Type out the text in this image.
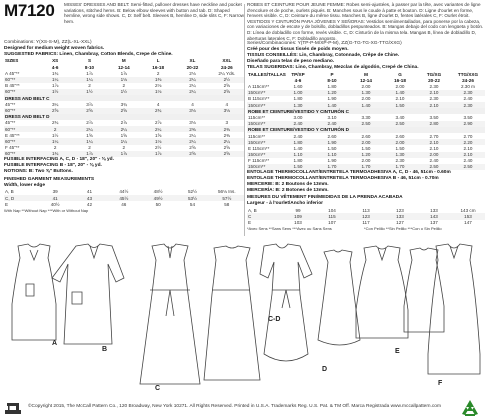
M7120 MISSES' DRESSES AND BELT: Semi-fitted, pullover dresses have neckline and pocket variations, stitched hems. B: Below elbow sleeves with button and tab. D: Shaped hemline, wrong side shows. C, D: Self belt. Sleeves B, hemline D, side slits C, F: Narrow hem.
Combinations: Y(XS-S-M), ZZ(L-XL-XXL)
Designed for medium weight woven fabrics.
SUGGESTED FABRICS: Linen, Chambray, Cotton Blends, Crepe de Chine.
SIZES	XS	S	M	L	XL	XXL
	4-6	8-10	12-14	16-18	20-22	24-26
A 45"**	1¾	1⅞	1⅞	2	2⅛	2¼ Yds.
60"**	1¼	1¼	1⅛	1⅜	2¼	2½
B 45"**	1⅞	2	2	2⅛	2¼	2⅝
60"**	1½	1½	1½	1⅛	2¼	2⅝
DRESS AND BELT C						
45"**	3¼	3⅞	3¾	4	4	4
60"**	2⅝	2⅝	2⅝	2¾	3⅛	3⅛
DRESS AND BELT D						
45"**	2¾	2⅞	2⅞	2⅞	3⅛	3
60"**	2	2¼	2¼	2¼	2⅜	2⅜
E 45"**	1½	1⅝	1⅝	1⅝	2¼	2⅜
60"**	1¼	1¼	1¼	1⅛	2¼	2¼
F 45"**	2	2	2	2½	2⅝	2⅝
60"**	1¾	1⅞	1⅞	1⅞	2⅝	2⅝
FUSIBLE INTERFACING A, C, D - 18", 20" - ⅜ yd.
FUSIBLE INTERFACING B - 18", 20" - ⅜ yd.
NOTIONS: B: Two ⅝" Buttons.
FINISHED GARMENT MEASUREMENTS
Width, lower edge
A, B	39	41	44½	48½	52½	56⅛ Ins.
C, D	41	43	45½	49½	53½	57½
E	40½	42	46	50	54	58
With Nap **Without Nap ***With or Without Nap
ROBES ET CEINTURE POUR JEUNE FEMME: Robes semi-ajustées, à passer par la tête, avec variantes de ligne d'encolure et de poche, ourlets piqués. B: Manches sous le coude à patte et bouton. D: Ligne d'ourlet en forme, l'envers visible. C, D: Ceinture du même tissu. Manches B, ligne d'ourlet D, fentes latérales C, F: Ourlet étroit.
VESTIDOS Y CINTURÓN PARA JÓVENES Y SEÑORAS: Vestidos semiimentallados, para ponerse por la cabeza, con variaciones de escote y de bolsillo, dobladillos pespunteados. B: Mangas debajo del codo con lengüeta y botón. D: Línea de dobladillo con forme, revés visible. C, D: Cinturón de la misma tela. Mangas B, línea de dobladillo D, aberturas laterales C, F: Dobladillo angosto.
Series/Combinaciones: Y(TP-P-M/XP-P-M), ZZ(G-TG-TG-XG-TTG/XXG)
Créé pour des tissus tissés de poids moyen.
TISSUS CONSEILLÉS: Lin, Chambray, Cotonnade, Crêpe de Chine.
Diseñado para telas de peso mediano.
TELAS SUGERIDAS: Lino, Chambray, Mezclas de algodón, Crepé de China.
TAILLES/TALLAS	TP/XP	P	M	G	TG/XG	TTG/XXG
	4-6	8-10	12-14	16-18	20-22	24-26
A 115cm**	1.60	1.80	2.00	2.00	2.30	2.30 m
150cm**	1.00	1.20	1.30	1.40	2.10	2.30
B 115cm**	1.80	1.90	2.00	2.10	2.30	2.40
150cm**	1.30	1.40	1.40	1.50	2.10	2.30
ROBE ET CEINTURE/VESTIDO Y CINTURÓN C						
115cm**	3.00	3.10	3.30	3.40	3.50	3.50
150cm**	2.40	2.40	2.50	2.50	2.80	2.90
ROBE ET CEINTURE/VESTIDO Y CINTURÓN D						
115cm**	2.40	2.60	2.60	2.60	2.70	2.70
150cm**	1.80	1.90	2.00	2.00	2.10	2.20
E 115cm**	1.40	1.50	1.50	1.50	2.10	2.10
150cm**	1.10	1.10	1.20	1.30	2.00	2.10
F 115cm**	1.80	1.90	2.00	2.30	2.40	2.40
150cm**	1.50	1.70	1.70	1.70	2.50	2.50
ENTOLAGE THERMOCOLLANT/ENTRETELA TERMOADHESIVA A, C, D - 46, 51cm - 0.60m
ENTOLAGE THERMOCOLLANT/ENTRETELA TERMOADHESIVA B - 46, 51cm - 0.70m
MERCERIE: B: 2 Boutons de 13mm.
MERCERÍA: B: 2 Botones de 13mm.
MESURES DU VÊTEMENT FINI/MEDIDAS DE LA PRENDA ACABADA
Largeur - à l'ourlet/Ancho inferior
A, B	99	104	113	123	133	143 cm
C	109	115	123	133	143	153
E	103	107	117	127	137	147
*Avec Sens **Sans Sens ***Avec ou Sans Sens	*Con Pelillo **Sin Pelillo ***Con o Sin Pelillo
A
B
C
C-D
D
E
F
©Copyright 2015, The McCall Pattern Co., 120 Broadway, New York 10271. All Rights Reserved. Printed in U.S.A. Trademarks Reg. U.S. Pat. & TM Off. Marca Registrada www.mccallpattern.com
